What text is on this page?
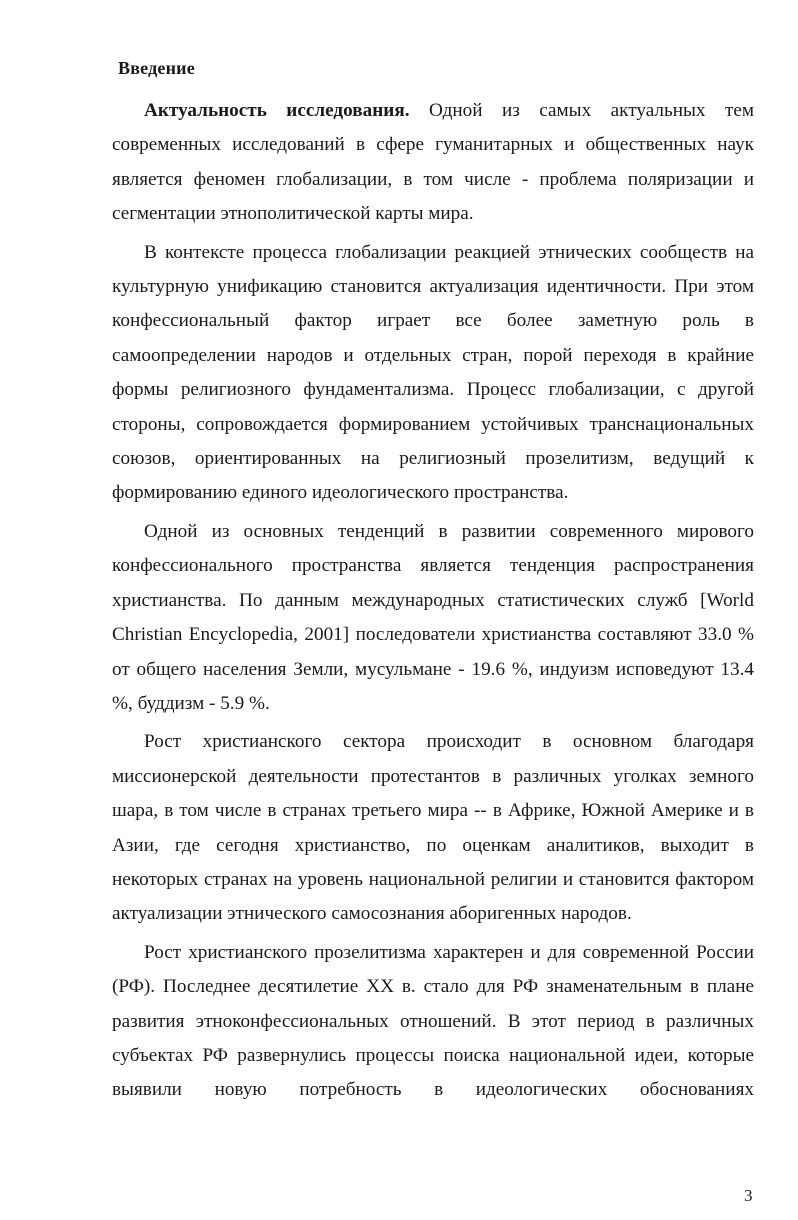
Введение

Актуальность исследования. Одной из самых актуальных тем современных исследований в сфере гуманитарных и общественных наук является феномен глобализации, в том числе - проблема поляризации и сегментации этнополитической карты мира.

В контексте процесса глобализации реакцией этнических сообществ на культурную унификацию становится актуализация идентичности. При этом конфессиональный фактор играет все более заметную роль в самоопределении народов и отдельных стран, порой переходя в крайние формы религиозного фундаментализма. Процесс глобализации, с другой стороны, сопровождается формированием устойчивых транснациональных союзов, ориентированных на религиозный прозелитизм, ведущий к формированию единого идеологического пространства.

Одной из основных тенденций в развитии современного мирового конфессионального пространства является тенденция распространения христианства. По данным международных статистических служб [World Christian Encyclopedia, 2001] последователи христианства составляют 33.0 % от общего населения Земли, мусульмане - 19.6 %, индуизм исповедуют 13.4 %, буддизм - 5.9 %.

Рост христианского сектора происходит в основном благодаря миссионерской деятельности протестантов в различных уголках земного шара, в том числе в странах третьего мира -- в Африке, Южной Америке и в Азии, где сегодня христианство, по оценкам аналитиков, выходит в некоторых странах на уровень национальной религии и становится фактором актуализации этнического самосознания аборигенных народов.

Рост христианского прозелитизма характерен и для современной России (РФ). Последнее десятилетие XX в. стало для РФ знаменательным в плане развития этноконфессиональных отношений. В этот период в различных субъектах РФ развернулись процессы поиска национальной идеи, которые выявили новую потребность в идеологических обоснованиях

3
